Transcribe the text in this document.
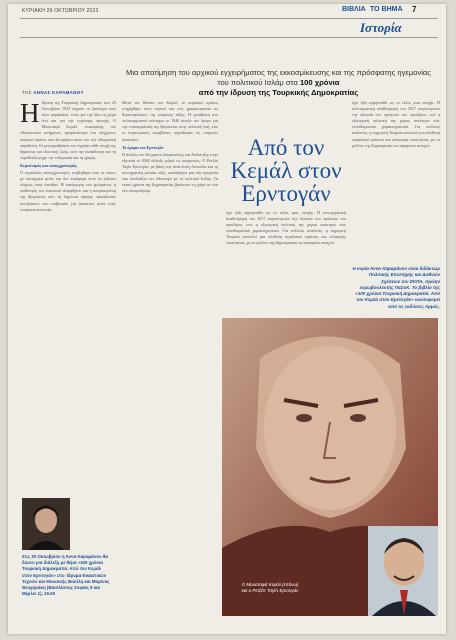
ΚΥΡΙΑΚΗ 29 ΟΚΤΩΒΡΙΟΥ 2023	ΒΙΒΛΙΑ ΤΟ ΒΗΜΑ 7
Ιστορία
Μια αποτίμηση του αρχικού εγχειρήματος της εκκοσμίκευσης και της πρόσφατης ηγεμονίας του πολιτικού Ισλάμ στα 100 χρόνια
από την ίδρυση της Τουρκικής Δημοκρατίας
ΤΗΣ ΑΝΝΑΣ ΚΑΡΑΜΑΝΟΥ
Η ίδρυση της Τουρκικής Δημοκρατίας στις 29 Οκτωβρίου 1923 σήμανε το ξεκίνημα ενός νέου κεφαλαίου, τόσο για την ίδια τη χώρα όσο και για την ευρύτερη περιοχή. Ο Μουσταφά Κεμάλ, επικεφαλής του εθνικιστικού κινήματος, οραματίστηκε ένα σύγχρονο, κοσμικό κράτος που θα αφήσει πίσω του την οθωμανική παράδοση. Οι μεταρρυθμίσεις του άγγιξαν κάθε πτυχή της δημόσιας και ιδιωτικής ζωής, από την εκπαίδευση και τη νομοθεσία μέχρι την ενδυμασία και τη γραφή.
Κεμαλισμός και εκσυγχρονισμός
Ο κεμαλικός εκσυγχρονισμός επιβλήθηκε από τα πάνω, με αυταρχικά μέσα, και δεν κατάφερε ποτέ να ριζώσει πλήρως στην ύπαιθρο. Η κατάργηση του χαλιφάτου, η υιοθέτηση του λατινικού αλφαβήτου και η απομάκρυνση της θρησκείας από τη δημόσια σφαίρα προκάλεσαν αντιδράσεις που επιβίωσαν για δεκαετίες μέσα στην τουρκική κοινωνία.
Μετά τον θάνατο του Κεμάλ, το κεμαλικό κράτος στηρίχθηκε στον στρατό και στη γραφειοκρατία ως θεματοφύλακες της κοσμικής τάξης. Η μετάβαση στο πολυκομματικό σύστημα το 1946 άνοιξε τον δρόμο για την επανεμφάνιση της θρησκείας στην πολιτική ζωή, ενώ οι στρατιωτικές επεμβάσεις σημάδεψαν τις επόμενες δεκαετίες.
Το όραμα του Ερντογάν
Η άνοδος του Κόμματος Δικαιοσύνης και Ανάπτυξης στην εξουσία το 2002 άλλαξε ριζικά τις ισορροπίες. Ο Ρετζέπ Ταγίπ Ερντογάν, με βάση την ανατολική Ανατολία και τη συντηρητική μεσαία τάξη, οικοδόμησε μια νέα ηγεμονία που συνδυάζει τον εθνικισμό με το πολιτικό Ισλάμ. Τα εκατό χρόνια της Δημοκρατίας βρίσκουν τη χώρα σε ένα νέο σταυροδρόμι.
Από τον Κεμάλ στον Ερντογάν
έχει ήδη ερμηνευθεί ως το τέλος μιας εποχής. Η συνταγματική αναθεώρηση του 2017 συγκέντρωσε την εξουσία στο πρόσωπο του προέδρου, ενώ η εξωτερική πολιτική της χώρας απέκτησε νέα, νεοοθωμανικά χαρακτηριστικά. Για πολλούς αναλυτές, η σημερινή Τουρκία αποτελεί μια σύνθεση κεμαλικού κράτους και ισλαμικής ταυτότητας, με το μέλλον της Δημοκρατίας να παραμένει ανοιχτό.
έχει ήδη ερμηνευθεί ως το τέλος μιας εποχής. Η συνταγματική αναθεώρηση του 2017 συγκέντρωσε την εξουσία στο πρόσωπο του προέδρου, ενώ η εξωτερική πολιτική της χώρας απέκτησε νέα, νεοοθωμανικά χαρακτηριστικά. Για πολλούς αναλυτές, η σημερινή Τουρκία αποτελεί μια σύνθεση κεμαλικού κράτους και ισλαμικής ταυτότητας, με το μέλλον της Δημοκρατίας να παραμένει ανοιχτό.
Η κυρία Άννα Καραμάνου είναι διδάκτωρ Πολιτικής Επιστήμης και Διεθνών Σχέσεων του ΕΚΠΑ, πρώην ευρωβουλευτής ΠαΣοΚ. Το βιβλίο της «100 χρόνια Τουρκική Δημοκρατία. Από τον Κεμάλ στον Ερντογάν» κυκλοφορεί από τις εκδόσεις Αρμός.
Στις 30 Οκτωβρίου η Άννα Καραμάνου θα δώσει μια διάλεξη με θέμα «100 χρόνια Τουρκική Δημοκρατία. Από τον Κεμάλ στον Ερντογάν» στο Ίδρυμα Εικαστικών Τεχνών και Μουσικής Βασίλη και Μαρίνας Θεοχαράκη (Βασιλίσσης Σοφίας 9 και Μέρλιν 1), 19.00
Ο Μουσταφά Κεμάλ (επάνω) και ο Ρετζέπ Ταγίπ Ερντογάν
